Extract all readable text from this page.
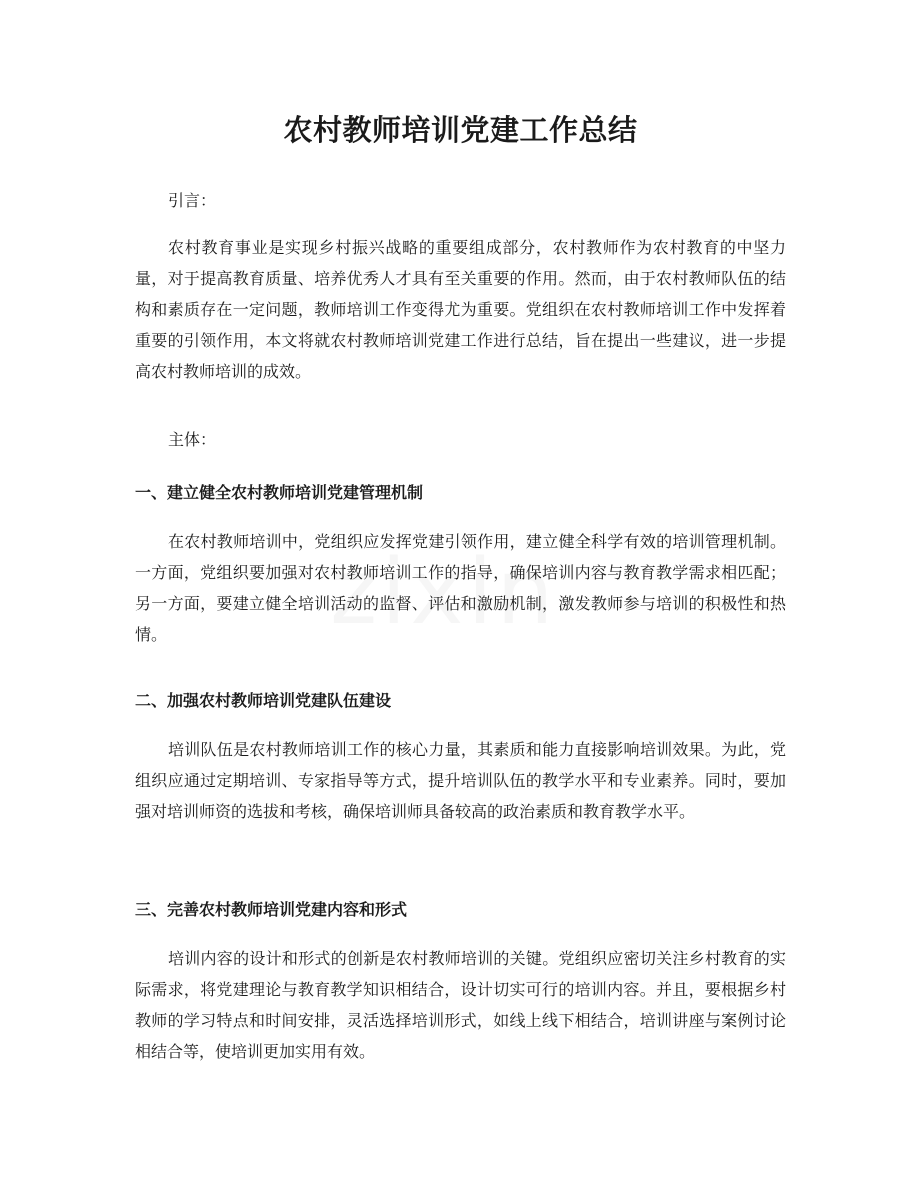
农村教师培训党建工作总结

引言：

农村教育事业是实现乡村振兴战略的重要组成部分，农村教师作为农村教育的中坚力量，对于提高教育质量、培养优秀人才具有至关重要的作用。然而，由于农村教师队伍的结构和素质存在一定问题，教师培训工作变得尤为重要。党组织在农村教师培训工作中发挥着重要的引领作用，本文将就农村教师培训党建工作进行总结，旨在提出一些建议，进一步提高农村教师培训的成效。

主体：

一、建立健全农村教师培训党建管理机制

在农村教师培训中，党组织应发挥党建引领作用，建立健全科学有效的培训管理机制。一方面，党组织要加强对农村教师培训工作的指导，确保培训内容与教育教学需求相匹配；另一方面，要建立健全培训活动的监督、评估和激励机制，激发教师参与培训的积极性和热情。

二、加强农村教师培训党建队伍建设

培训队伍是农村教师培训工作的核心力量，其素质和能力直接影响培训效果。为此，党组织应通过定期培训、专家指导等方式，提升培训队伍的教学水平和专业素养。同时，要加强对培训师资的选拔和考核，确保培训师具备较高的政治素质和教育教学水平。

三、完善农村教师培训党建内容和形式

培训内容的设计和形式的创新是农村教师培训的关键。党组织应密切关注乡村教育的实际需求，将党建理论与教育教学知识相结合，设计切实可行的培训内容。并且，要根据乡村教师的学习特点和时间安排，灵活选择培训形式，如线上线下相结合，培训讲座与案例讨论相结合等，使培训更加实用有效。
